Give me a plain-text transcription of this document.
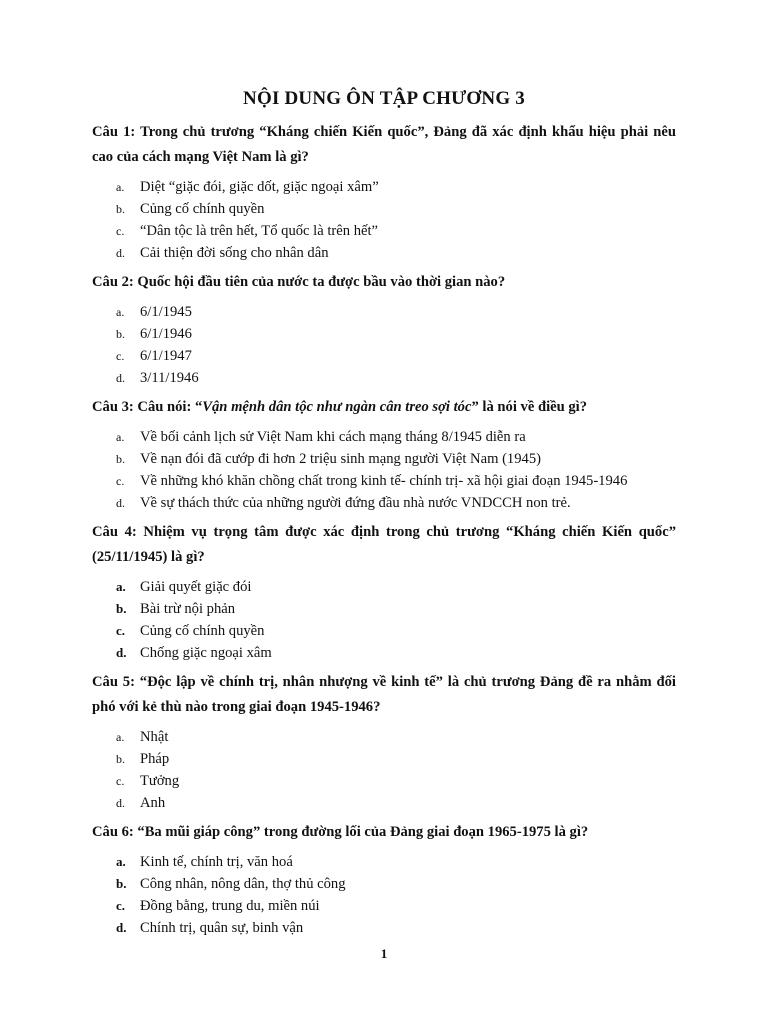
NỘI DUNG ÔN TẬP CHƯƠNG 3

Câu 1: Trong chủ trương “Kháng chiến Kiến quốc”, Đảng đã xác định khẩu hiệu phải nêu cao của cách mạng Việt Nam là gì?

a.	Diệt “giặc đói, giặc dốt, giặc ngoại xâm”
b.	Củng cố chính quyền
c.	“Dân tộc là trên hết, Tổ quốc là trên hết”
d.	Cải thiện đời sống cho nhân dân

Câu 2: Quốc hội đầu tiên của nước ta được bầu vào thời gian nào?

a.	6/1/1945
b.	6/1/1946
c.	6/1/1947
d.	3/11/1946

Câu 3: Câu nói: “Vận mệnh dân tộc như ngàn cân treo sợi tóc” là nói về điều gì?

a.	Về bối cảnh lịch sử Việt Nam khi cách mạng tháng 8/1945 diễn ra
b.	Về nạn đói đã cướp đi hơn 2 triệu sinh mạng người Việt Nam (1945)
c.	Về những khó khăn chồng chất trong kinh tế- chính trị- xã hội giai đoạn 1945-1946
d.	Về sự thách thức của những người đứng đầu nhà nước VNDCCH non trẻ.

Câu 4: Nhiệm vụ trọng tâm được xác định trong chủ trương “Kháng chiến Kiến quốc” (25/11/1945) là gì?

a. Giải quyết giặc đói
b. Bài trừ nội phản
c.	Củng cố chính quyền
d. Chống giặc ngoại xâm

Câu 5: “Độc lập về chính trị, nhân nhượng về kinh tế” là chủ trương Đảng đề ra nhằm đối phó với kẻ thù nào trong giai đoạn 1945-1946?

a.	Nhật
b.	Pháp
c.	Tưởng
d.	Anh

Câu 6: “Ba mũi giáp công” trong đường lối của Đảng giai đoạn 1965-1975 là gì?

a. Kinh tế, chính trị, văn hoá
b. Công nhân, nông dân, thợ thủ công
c.	Đồng bằng, trung du, miền núi
d. Chính trị, quân sự, binh vận
1
